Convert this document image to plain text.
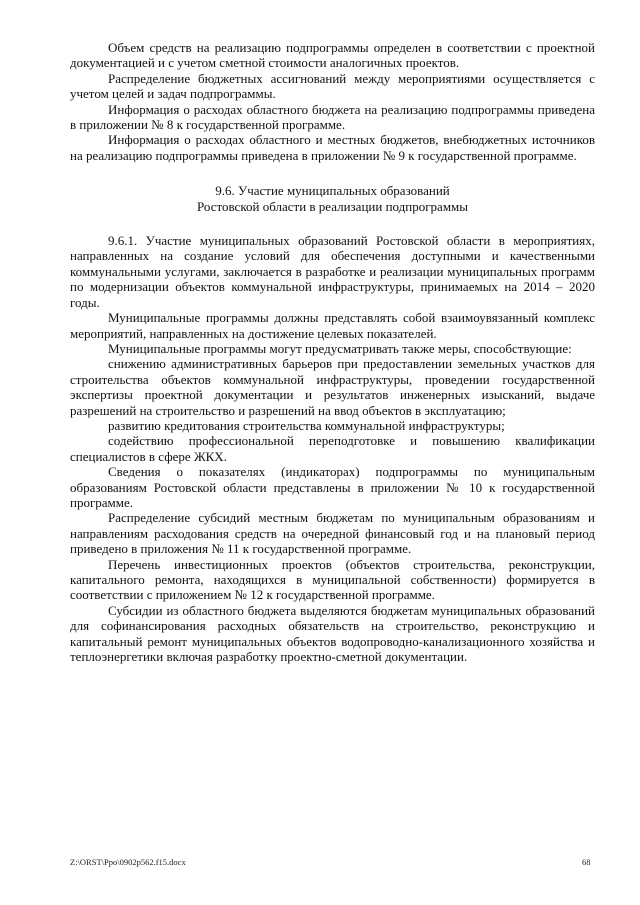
Объем средств на реализацию подпрограммы определен в соответствии с проектной документацией и с учетом сметной стоимости аналогичных проектов.

Распределение бюджетных ассигнований между мероприятиями осуществляется с учетом целей и задач подпрограммы.

Информация о расходах областного бюджета на реализацию подпрограммы приведена в приложении № 8 к государственной программе.

Информация о расходах областного и местных бюджетов, внебюджетных источников на реализацию подпрограммы приведена в приложении № 9 к государственной программе.

9.6. Участие муниципальных образований
Ростовской области в реализации подпрограммы

9.6.1. Участие муниципальных образований Ростовской области в мероприятиях, направленных на создание условий для обеспечения доступными и качественными коммунальными услугами, заключается в разработке и реализации муниципальных программ по модернизации объектов коммунальной инфраструктуры, принимаемых на 2014 – 2020 годы.

Муниципальные программы должны представлять собой взаимоувязанный комплекс мероприятий, направленных на достижение целевых показателей.

Муниципальные программы могут предусматривать также меры, способствующие:

снижению административных барьеров при предоставлении земельных участков для строительства объектов коммунальной инфраструктуры, проведении государственной экспертизы проектной документации и результатов инженерных изысканий, выдаче разрешений на строительство и разрешений на ввод объектов в эксплуатацию;

развитию кредитования строительства коммунальной инфраструктуры;

содействию профессиональной переподготовке и повышению квалификации специалистов в сфере ЖКХ.

Сведения о показателях (индикаторах) подпрограммы по муниципальным образованиям Ростовской области представлены в приложении № 10 к государственной программе.

Распределение субсидий местным бюджетам по муниципальным образованиям и направлениям расходования средств на очередной финансовый год и на плановый период приведено в приложения № 11 к государственной программе.

Перечень инвестиционных проектов (объектов строительства, реконструкции, капитального ремонта, находящихся в муниципальной собственности) формируется в соответствии с приложением № 12 к государственной программе.

Субсидии из областного бюджета выделяются бюджетам муниципальных образований для софинансирования расходных обязательств на строительство, реконструкцию и капитальный ремонт муниципальных объектов водопроводно-канализационного хозяйства и теплоэнергетики включая разработку проектно-сметной документации.

Z:\ORST\Ppo\0902p562.f15.docx	68
